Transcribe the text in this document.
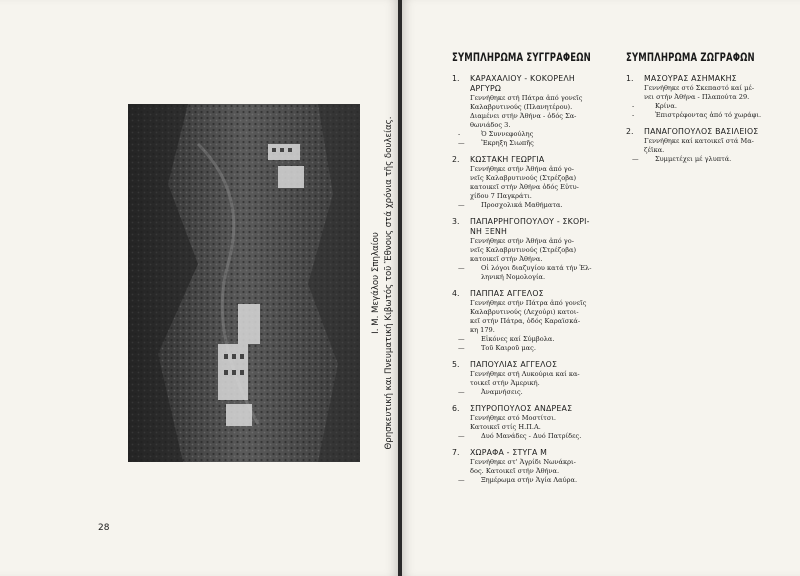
Ι. Μ. Μεγάλου Σπηλαίου Θρησκευτική και Πνευματική Κιβωτός τοῦ Ἔθνους στά χρόνια τῆς δουλείας.
28
ΣΥΜΠΛΗΡΩΜΑ ΣΥΓΓΡΑΦΕΩΝ
1. ΚΑΡΑΧΑΛΙΟΥ - ΚΟΚΟΡΕΛΗ
ΑΡΓΥΡΩ
Γεννήθηκε στή Πάτρα ἀπό γονεῖς
Καλαβρυτινούς (Πλανητέρου).
Διαμένει στήν Ἀθήνα - ὁδός Σα-
θωνιάδος 3.
-	Ὁ Συννεφούλης
— Ἔκρηξη Σιωπῆς
2. ΚΩΣΤΑΚΗ ΓΕΩΡΓΙΑ
Γεννήθηκε στήν Ἀθήνα ἀπό γο-
νεῖς Καλαβρυτινούς (Στρέζοβα)
κατοικεῖ στήν Ἀθήνα ὁδός Εὐτυ-
χίδου 7 Παγκράτι.
— Προσχολικά Μαθήματα.
3. ΠΑΠΑΡΡΗΓΟΠΟΥΛΟΥ - ΣΚΟΡΙ-
ΝΗ ΞΕΝΗ
Γεννήθηκε στήν Ἀθήνα ἀπό γο-
νεῖς Καλαβρυτινούς (Στρέζοβα)
κατοικεῖ στήν Ἀθήνα.
— Οἱ λόγοι διαζυγίου κατά τήν Ἑλ-
ληνική Νομολογία.
4. ΠΑΠΠΑΣ ΑΓΓΕΛΟΣ
Γεννήθηκε στήν Πάτρα ἀπό γονεῖς
Καλαβρυτινούς (Λεχούρι) κατοι-
κεῖ στήν Πάτρα, ὁδός Καραϊσκά-
κη 179.
— Εἰκόνες καί Σύμβολα.
— Τοῦ Καιροῦ μας.
5. ΠΑΠΟΥΛΙΑΣ ΑΓΓΕΛΟΣ
Γεννήθηκε στή Λυκούρια καί κα-
τοικεῖ στήν Ἀμερική.
— Ἀναμνήσεις.
6. ΣΠΥΡΟΠΟΥΛΟΣ ΑΝΔΡΕΑΣ
Γεννήθηκε στό Μοστίτσι.
Κατοικεῖ στίς Η.Π.Α.
— Δυό Μανάδες - Δυό Πατρίδες.
7. ΧΩΡΑΦΑ - ΣΤΥΓΑ Μ
Γεννήθηκε στ' Ἀγρίδι Νωνάκρι-
δος. Κατοικεῖ στήν Ἀθήνα.
— Ξημέρωμα στήν Ἁγία Λαύρα.
ΣΥΜΠΛΗΡΩΜΑ ΖΩΓΡΑΦΩΝ
1. ΜΑΣΟΥΡΑΣ ΑΣΗΜΑΚΗΣ
Γεννήθηκε στό Σκεπαστό καί μέ-
νει στήν Ἀθήνα - Πλαπούτα 29.
-	Κρίνα.
-	Ἐπιστρέφοντας ἀπό τό χωράφι.
2. ΠΑΝΑΓΟΠΟΥΛΟΣ ΒΑΣΙΛΕΙΟΣ
Γεννήθηκε καί κατοικεῖ στά Μα-
ζέϊκα.
— Συμμετέχει μέ γλυπτά.
